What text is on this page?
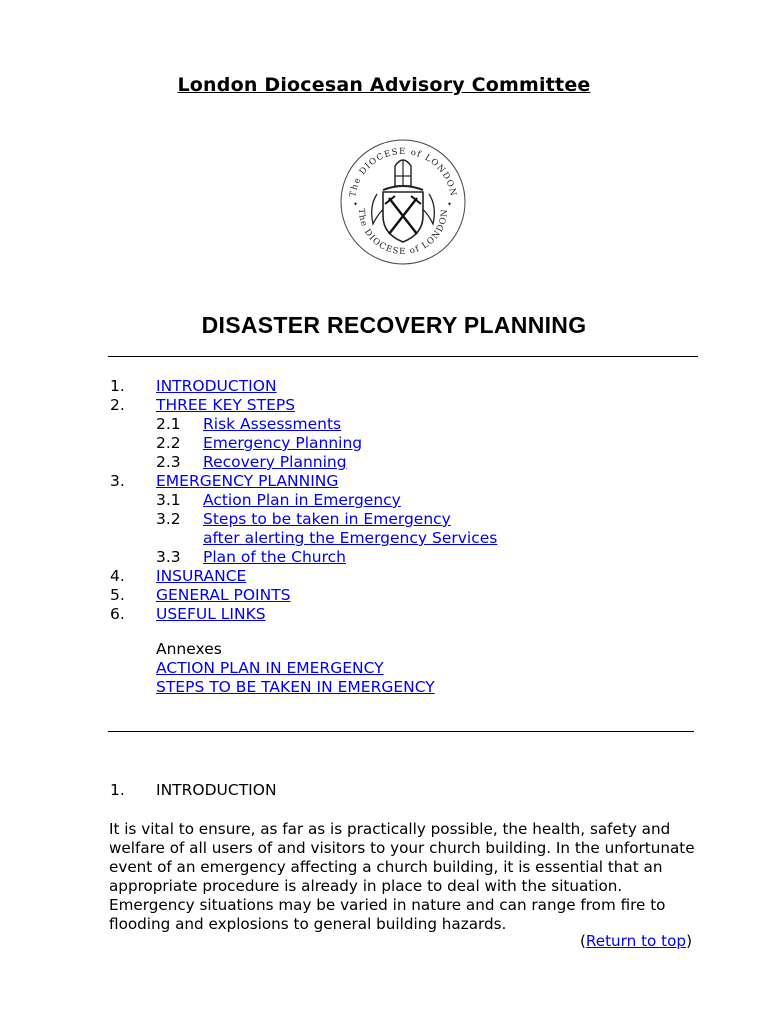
London Diocesan Advisory Committee
The DIOCESE of LONDON
The DIOCESE of LONDON
✦	✦
DISASTER RECOVERY PLANNING
1. INTRODUCTION
2. THREE KEY STEPS
2.1 Risk Assessments
2.2 Emergency Planning
2.3 Recovery Planning
3. EMERGENCY PLANNING
3.1 Action Plan in Emergency
3.2 Steps to be taken in Emergency
after alerting the Emergency Services
3.3 Plan of the Church
4. INSURANCE
5. GENERAL POINTS
6. USEFUL LINKS
Annexes
ACTION PLAN IN EMERGENCY
STEPS TO BE TAKEN IN EMERGENCY
1. INTRODUCTION

It is vital to ensure, as far as is practically possible, the health, safety and welfare of all users of and visitors to your church building. In the unfortunate event of an emergency affecting a church building, it is essential that an appropriate procedure is already in place to deal with the situation. Emergency situations may be varied in nature and can range from fire to flooding and explosions to general building hazards.

(Return to top)
